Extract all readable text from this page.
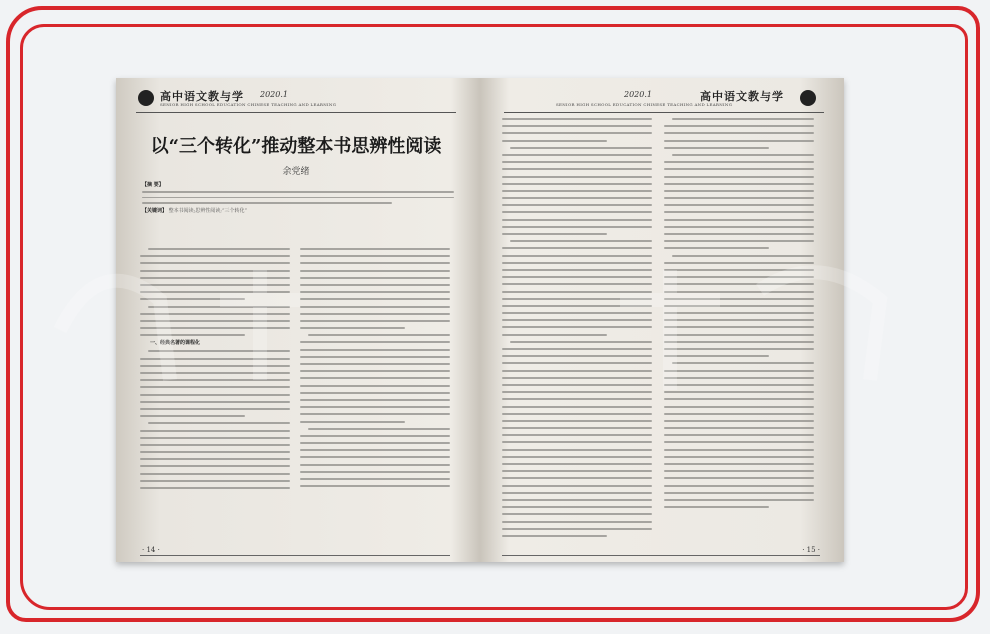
高中语文教与学 2020.1
SENIOR HIGH SCHOOL EDUCATION CHINESE TEACHING AND LEARNING
以“三个转化”推动整本书思辨性阅读
余党绪
【摘 要】
【关键词】 整本书阅读;思辨性阅读;“三个转化”
一、经典名著的课程化
· 14 ·
2020.1	高中语文教与学
SENIOR HIGH SCHOOL EDUCATION CHINESE TEACHING AND LEARNING
· 15 ·
